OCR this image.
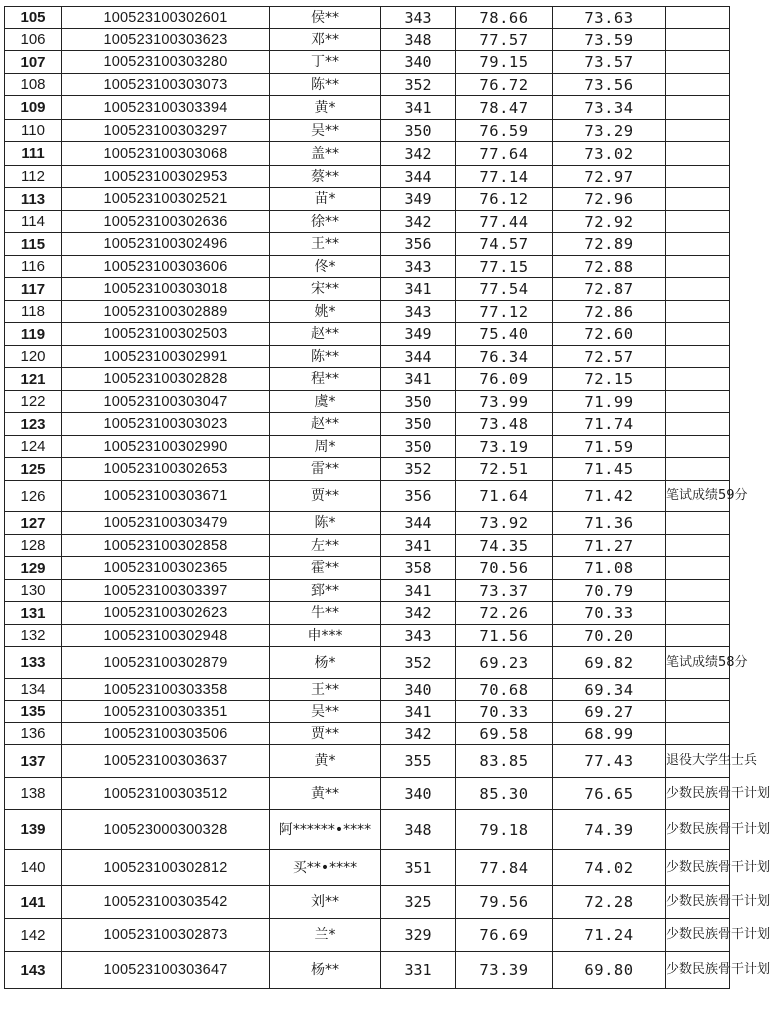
105	100523100302601	侯**	343	78.66	73.63	
106	100523100303623	邓**	348	77.57	73.59	
107	100523100303280	丁**	340	79.15	73.57	
108	100523100303073	陈**	352	76.72	73.56	
109	100523100303394	黄*	341	78.47	73.34	
110	100523100303297	吴**	350	76.59	73.29	
111	100523100303068	盖**	342	77.64	73.02	
112	100523100302953	蔡**	344	77.14	72.97	
113	100523100302521	苗*	349	76.12	72.96	
114	100523100302636	徐**	342	77.44	72.92	
115	100523100302496	王**	356	74.57	72.89	
116	100523100303606	佟*	343	77.15	72.88	
117	100523100303018	宋**	341	77.54	72.87	
118	100523100302889	姚*	343	77.12	72.86	
119	100523100302503	赵**	349	75.40	72.60	
120	100523100302991	陈**	344	76.34	72.57	
121	100523100302828	程**	341	76.09	72.15	
122	100523100303047	虞*	350	73.99	71.99	
123	100523100303023	赵**	350	73.48	71.74	
124	100523100302990	周*	350	73.19	71.59	
125	100523100302653	雷**	352	72.51	71.45	
126	100523100303671	贾**	356	71.64	71.42	笔试成绩59分
127	100523100303479	陈*	344	73.92	71.36	
128	100523100302858	左**	341	74.35	71.27	
129	100523100302365	霍**	358	70.56	71.08	
130	100523100303397	郅**	341	73.37	70.79	
131	100523100302623	牛**	342	72.26	70.33	
132	100523100302948	申***	343	71.56	70.20	
133	100523100302879	杨*	352	69.23	69.82	笔试成绩58分
134	100523100303358	王**	340	70.68	69.34	
135	100523100303351	吴**	341	70.33	69.27	
136	100523100303506	贾**	342	69.58	68.99	
137	100523100303637	黄*	355	83.85	77.43	退役大学生士兵
138	100523100303512	黄**	340	85.30	76.65	少数民族骨干计划
139	100523000300328	阿******•****	348	79.18	74.39	少数民族骨干计划
140	100523100302812	买**•****	351	77.84	74.02	少数民族骨干计划
141	100523100303542	刘**	325	79.56	72.28	少数民族骨干计划
142	100523100302873	兰*	329	76.69	71.24	少数民族骨干计划
143	100523100303647	杨**	331	73.39	69.80	少数民族骨干计划
